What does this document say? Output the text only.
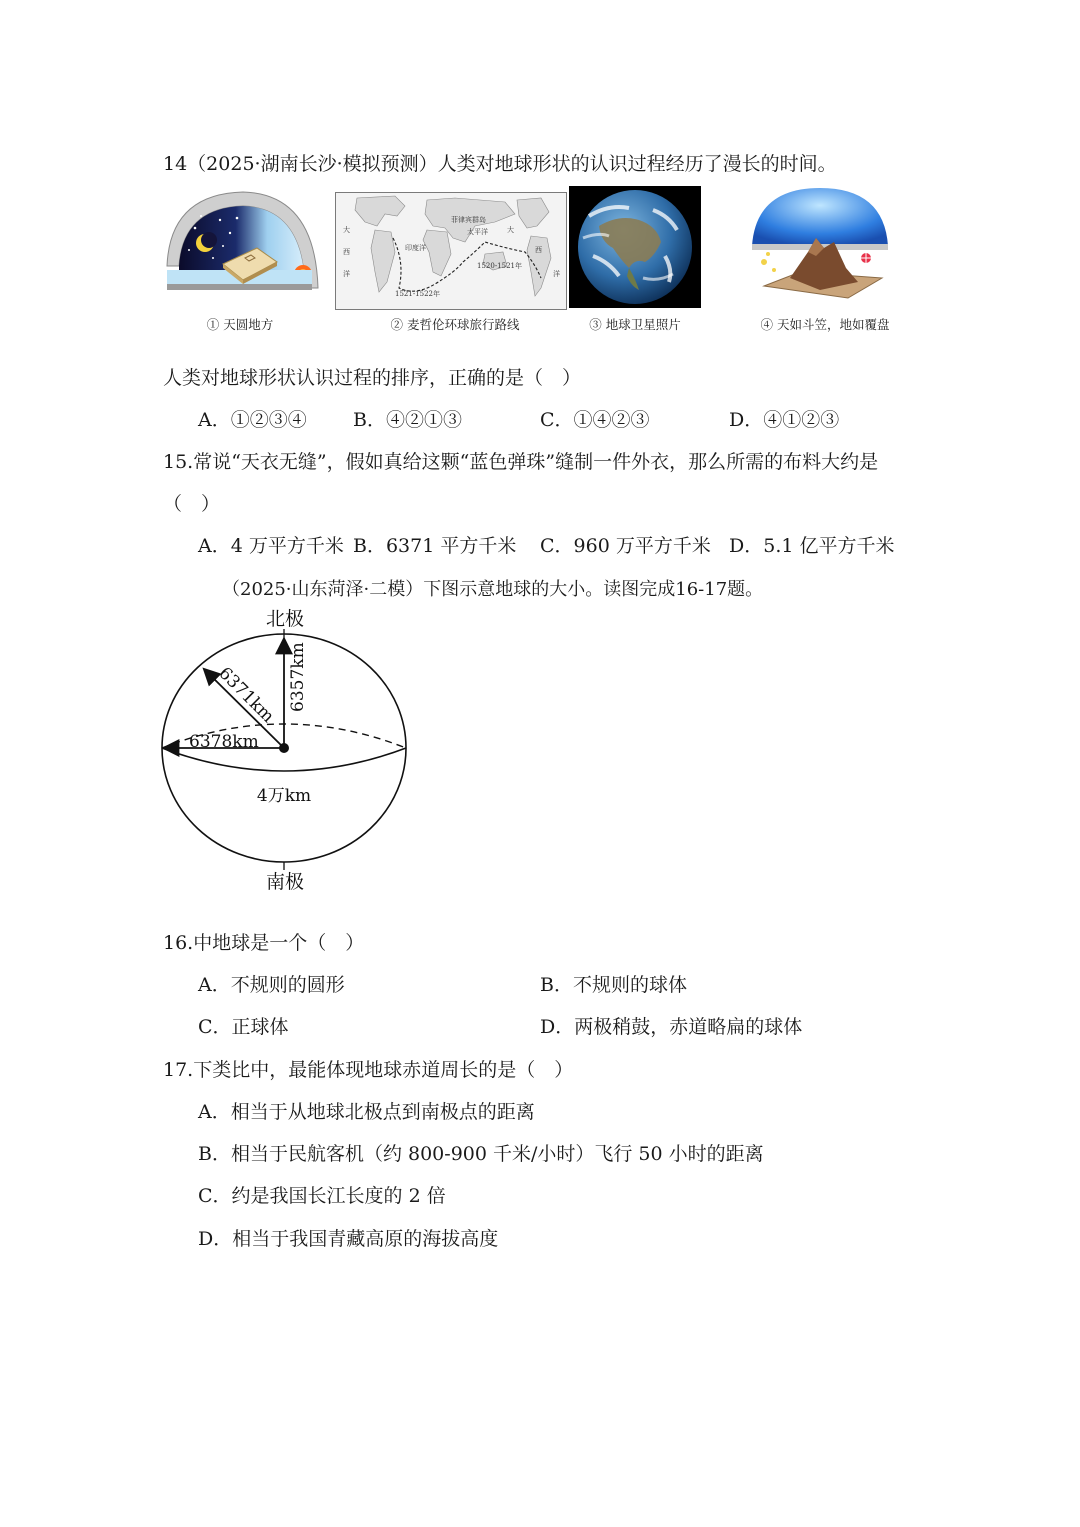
14（2025·湖南长沙·模拟预测）人类对地球形状的认识过程经历了漫长的时间。
① 天圆地方
大
西
洋
印度洋
太平洋	大
西
洋
菲律宾群岛
1520-1521年
1521-1522年
② 麦哲伦环球旅行路线	③ 地球卫星照片	④ 天如斗笠，地如覆盘
人类对地球形状认识过程的排序，正确的是（　）
A．①②③④ B．④②①③	C．①④②③	D．④①②③
15.常说“天衣无缝”，假如真给这颗“蓝色弹珠”缝制一件外衣，那么所需的布料大约是
（　）
A．4 万平方千米 B．6371 平方千米 C．960 万平方千米 D．5.1 亿平方千米
（2025·山东菏泽·二模）下图示意地球的大小。读图完成16-17题。
北极
6357km
6371km
6378km
4万km
南极
16.中地球是一个（　）
A．不规则的圆形	B．不规则的球体
C．正球体	D．两极稍鼓，赤道略扁的球体
17.下类比中，最能体现地球赤道周长的是（　）
A．相当于从地球北极点到南极点的距离
B．相当于民航客机（约 800-900 千米/小时）飞行 50 小时的距离
C．约是我国长江长度的 2 倍
D．相当于我国青藏高原的海拔高度
